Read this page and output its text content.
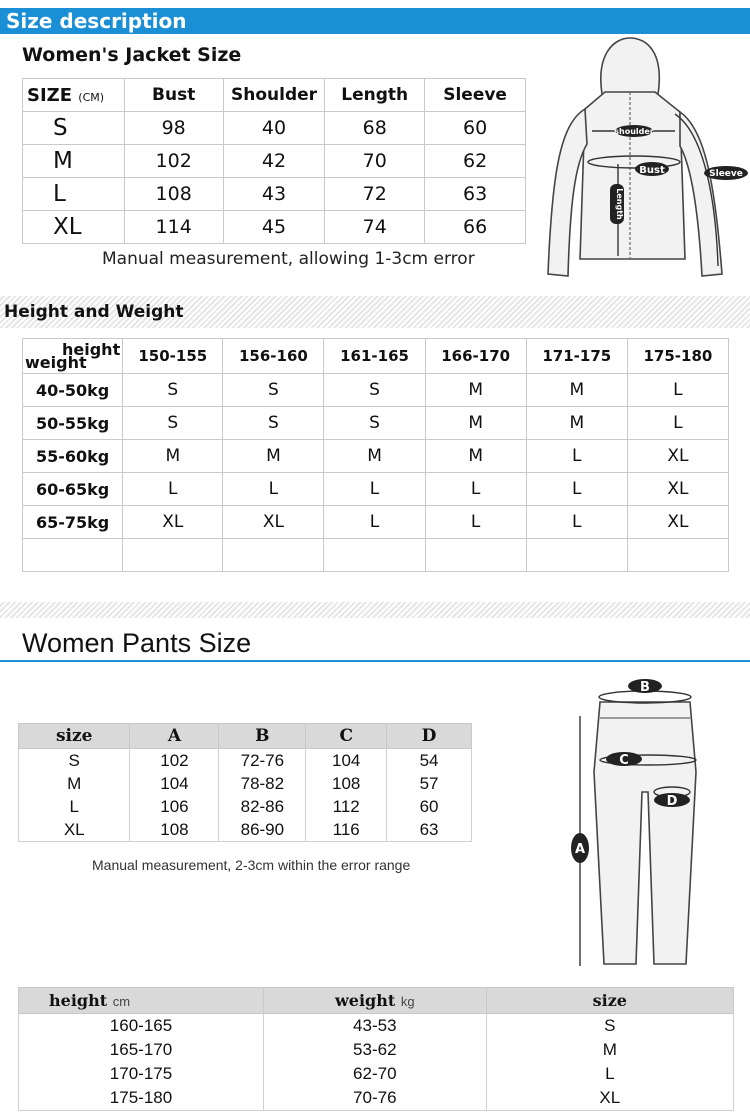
Size description
Women's Jacket Size
SIZE (CM)	Bust	Shoulder	Length	Sleeve
S	98	40	68	60
M	102	42	70	62
L	108	43	72	63
XL	114	45	74	66
Manual measurement, allowing 1-3cm error
shoulder
Bust
Length
Sleeve
Height and Weight
height
weight	150-155	156-160	161-165	166-170	171-175	175-180
40-50kg	S	S	S	M	M	L
50-55kg	S	S	S	M	M	L
55-60kg	M	M	M	M	L	XL
60-65kg	L	L	L	L	L	XL
65-75kg	XL	XL	L	L	L	XL

Women Pants Size
size	A	B	C	D
S	102	72-76	104	54
M	104	78-82	108	57
L	106	82-86	112	60
XL	108	86-90	116	63
Manual measurement, 2-3cm within the error range
B
C
D
A
height cm	weight kg	size
160-165	43-53	S
165-170	53-62	M
170-175	62-70	L
175-180	70-76	XL
